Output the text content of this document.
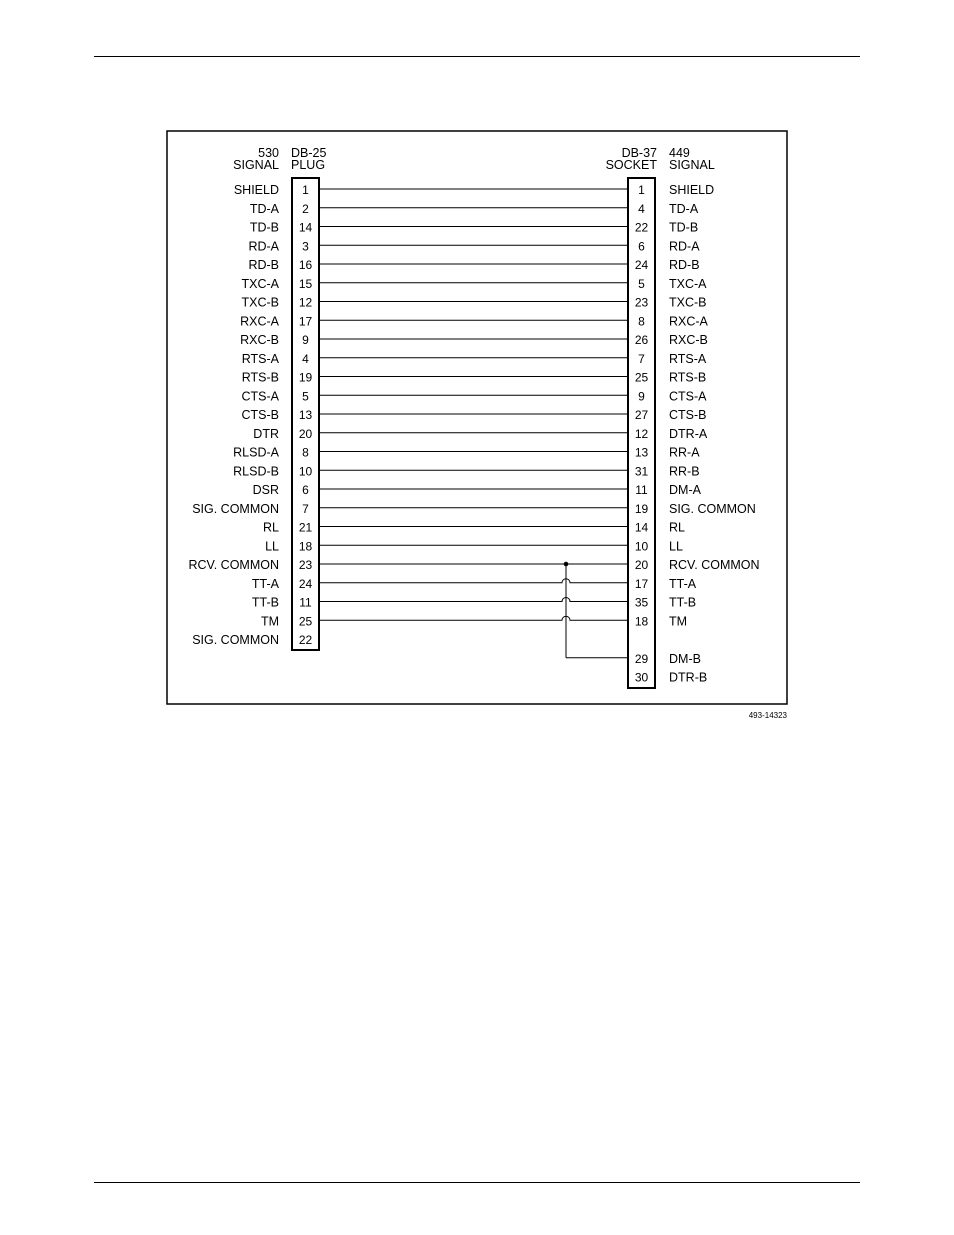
530
SIGNAL
DB-25
PLUG
DB-37
SOCKET
449
SIGNAL
SHIELD 1	1 SHIELD
TD-A 2	4 TD-A
TD-B 14	22 TD-B
RD-A 3	6 RD-A
RD-B 16	24 RD-B
TXC-A 15	5 TXC-A
TXC-B 12	23 TXC-B
RXC-A 17	8 RXC-A
RXC-B 9	26 RXC-B
RTS-A 4	7 RTS-A
RTS-B 19	25 RTS-B
CTS-A 5	9 CTS-A
CTS-B 13	27 CTS-B
DTR 20	12 DTR-A
RLSD-A 8	13 RR-A
RLSD-B 10	31 RR-B
DSR 6	11 DM-A
SIG. COMMON 7	19 SIG. COMMON
RL 21	14 RL
LL 18	10 LL
RCV. COMMON 23	20 RCV. COMMON
TT-A 24	17 TT-A
TT-B 11	35 TT-B
TM 25	18 TM
SIG. COMMON 22
29 DM-B
30 DTR-B
493-14323
